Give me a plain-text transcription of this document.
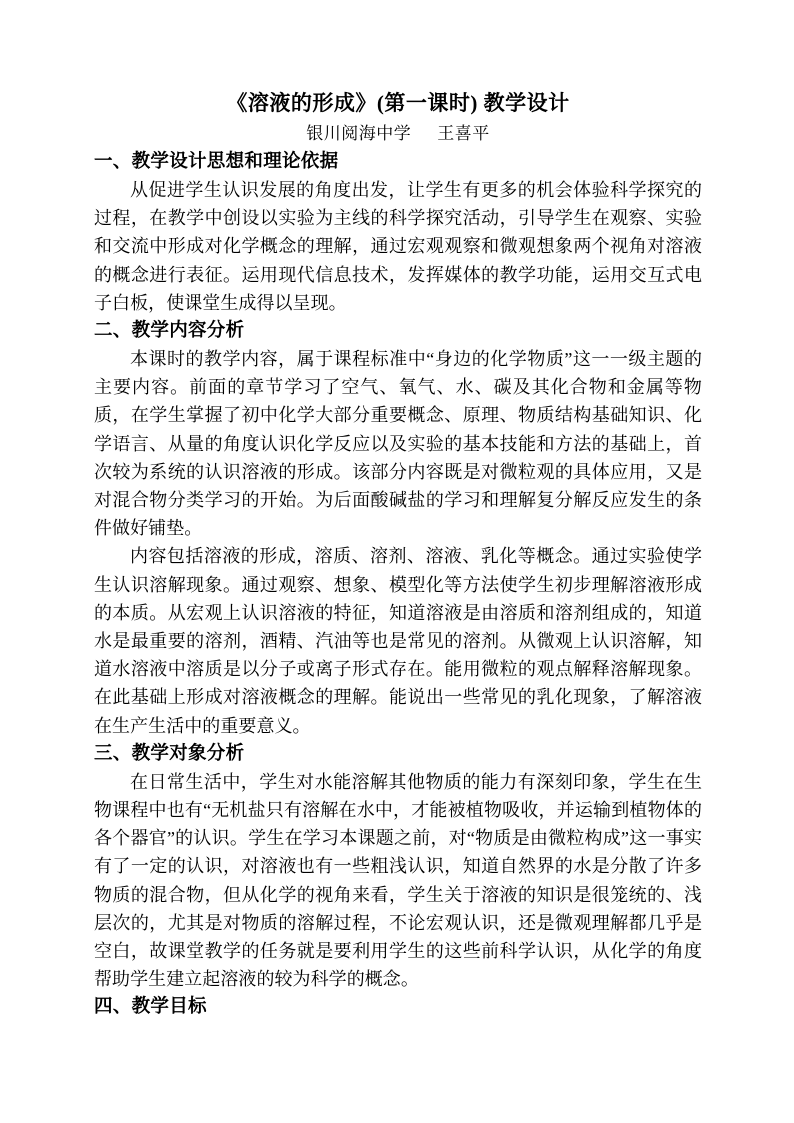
《溶液的形成》(第一课时) 教学设计
银川阅海中学 王喜平
一、教学设计思想和理论依据

从促进学生认识发展的角度出发，让学生有更多的机会体验科学探究的过程，在教学中创设以实验为主线的科学探究活动，引导学生在观察、实验和交流中形成对化学概念的理解，通过宏观观察和微观想象两个视角对溶液的概念进行表征。运用现代信息技术，发挥媒体的教学功能，运用交互式电子白板，使课堂生成得以呈现。

二、教学内容分析

本课时的教学内容，属于课程标准中“身边的化学物质”这一一级主题的主要内容。前面的章节学习了空气、氧气、水、碳及其化合物和金属等物质，在学生掌握了初中化学大部分重要概念、原理、物质结构基础知识、化学语言、从量的角度认识化学反应以及实验的基本技能和方法的基础上，首次较为系统的认识溶液的形成。该部分内容既是对微粒观的具体应用，又是对混合物分类学习的开始。为后面酸碱盐的学习和理解复分解反应发生的条件做好铺垫。

内容包括溶液的形成，溶质、溶剂、溶液、乳化等概念。通过实验使学生认识溶解现象。通过观察、想象、模型化等方法使学生初步理解溶液形成的本质。从宏观上认识溶液的特征，知道溶液是由溶质和溶剂组成的，知道水是最重要的溶剂，酒精、汽油等也是常见的溶剂。从微观上认识溶解，知道水溶液中溶质是以分子或离子形式存在。能用微粒的观点解释溶解现象。 在此基础上形成对溶液概念的理解。能说出一些常见的乳化现象，了解溶液在生产生活中的重要意义。

三、教学对象分析

在日常生活中，学生对水能溶解其他物质的能力有深刻印象，学生在生物课程中也有“无机盐只有溶解在水中，才能被植物吸收，并运输到植物体的各个器官”的认识。学生在学习本课题之前，对“物质是由微粒构成”这一事实有了一定的认识，对溶液也有一些粗浅认识，知道自然界的水是分散了许多物质的混合物，但从化学的视角来看，学生关于溶液的知识是很笼统的、浅层次的，尤其是对物质的溶解过程，不论宏观认识，还是微观理解都几乎是空白，故课堂教学的任务就是要利用学生的这些前科学认识，从化学的角度帮助学生建立起溶液的较为科学的概念。

四、教学目标
